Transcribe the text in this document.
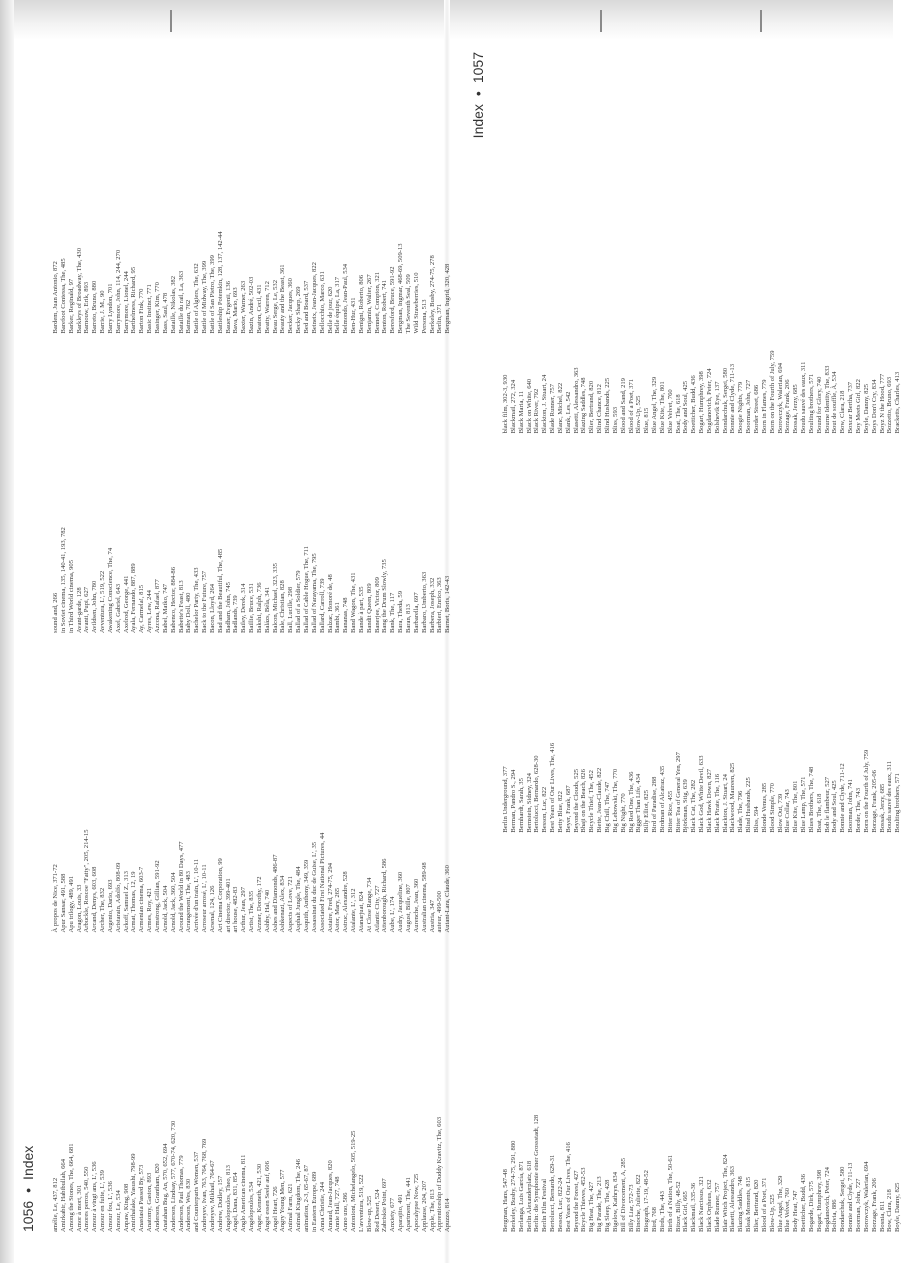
1056•Index
amélie, Le, 437, 812 Amirkabir, Habibullah, 664 Among the Stones, The, 664, 681 Amor à mort, 301 Amores perros, 540, 550 Amour à vingt ans, L', 536 Amour en fuite, L', 539 Amour fou, L', 536 Amour, Le, 534 Anpaw, King, 908 Amirthalake, Yasushi, 798-99 Anastasia Passed By, 573 Anatomy, Gaston, 893 Anderson, Grantham, 820 Anatahan Bug, An, 570, 652, 694 Anderson, Lindsay, 577, 670-74, 620, 730 Anderson, Paul Thomas, 779 Anderson, Wes, 830 and Counterparts Women, 537 Andreyev, Ivan, 763, 764, 768, 769 Andreyev, Mikhail, 764-67 Andrew, Dudley, 157 Angelopoulos, Theo, 813 Angel, Dana, 831, 854 Anglo American cinema, 811 Angelopoulos, 534 Anger, Kenneth, 421, 530 Angst essen Seele auf, 606 Angel Heart, 726 Angry Young Men, 577 Animal Farm, 621 Animal Kingdom, The, 246 animation, 2-3, 65-67, 87 in Eastern Europe, 689 Anna Christie, 244 Annaud, Jean-Jacques, 820 Annie Hall, 727, 748 Anno uno, 586 Antonioni, Michelangelo, 505, 519-25 L'avventura, 519, 522 Blow-up, 525 Red Desert, 524 Zabriskie Point, 697 Anxiety, 677 Aparajito, 491 Apartment, The, 441 Apocalypse Now, 725 Applause, 204, 207 Apple, The, 813 Apprenticeship of Duddy Kravitz, The, 603 Apuzzo, 814
À propos de Nice, 371-72 Apur Sansar, 491, 588 Apu trilogy, 489, 491 Aragon, Louis, 33 Arbuckle, Roscoe "Fatty", 205, 214-15 Arcand, Denys, 603, 608 Archer, The, 832 Argento, Dario, 693 Aristarain, Adolfo, 808-09 Arkoff, Samuel Z., 313 Armat, Thomas, 12, 19 Armenian cinema, 603-7 Armes, Roy, 421 Armstrong, Gillian, 591-92 Arnold, Jack, 504 Arnold, Jack, 360, 504 Around the World in 80 Days, 477 Arrangement, The, 483 Arrivée d'un train, L', 10-11 Arroseur arrosé, L', 10-11 Arsenal, 124, 126 Art Cinema Corporation, 99 art director, 399-401 art house, 482-83 Arthur, Jean, 297 Artist, The, 835 Arzner, Dorothy, 172 Ashby, Hal, 740 Ashes and Diamonds, 486-87 Ashkenazi, Alex, 834 Aspects of Love, 721 Asphalt Jungle, The, 484 Asquith, Anthony, 349, 359 Assassinat du duc de Guise, L', 35 Associated First National Pictures, 44 Astaire, Fred, 274-75, 294 Astor, Mary, 265 Astruc, Alexandre, 528 Atalante, L', 312 Atanarjuat, 824 At Close Range, 734 Atlantic City, 727 Attenborough, Richard, 586 Aube, L', 174 Audry, Jacqueline, 360 August, Bille, 807 Aurenche, Jean, 360 Australian cinema, 589-98 Austria, 347 auteur, 499-500 Autant-Lara, Claude, 360
sound and, 266 in Soviet cinema, 135, 140-41, 193, 782 in Third World cinema, 905 Avant-garde, 128 Avanti, Pupi, 627 Avildsen, John, 780 Avventura, L', 519, 522 Awakening Conscience, The, 74 Axel, Gabriel, 643 Axelrod, George, 441 Ayala, Fernando, 887, 889 Ay, Carmela!, 815 Ayres, Lew, 244 Azcona, Rafael, 877 Babel, Matko, 747 Babenco, Hector, 884-86 Babette's Feast, 813 Baby Doll, 480 Bachelor Party, The, 433 Back to the Future, 757 Bacon, Lloyd, 264 Bad and the Beautiful, The, 485 Badham, John, 745 Badlands, 739 Bailey, Derek, 314 Baillie, Bruce, 531 Bakshi, Ralph, 736 Balázs, Béla, 341 Balcon, Michael, 323, 335 Bale, Christian, 828 Ball, Lucille, 298 Ballad of a Soldier, 579 Ballad of Cable Hogue, The, 711 Ballad of Narayama, The, 795 Ballard, Carroll, 739 Balzac, Honoré de, 48 Bambi, 361 Bananas, 748 Band Wagon, The, 431 Bande à part, 535 Bandit Queen, 809 Banerjee, Victor, 809 Bang the Drum Slowly, 735 Bank, The, 117 Bara, Theda, 59 Baran, 813 Barbarella, 697 Barbaro, Umberto, 363 Barbera, Joseph, 332 Barbieri, Enrico, 363 Barnet, Boris, 142-43
Bardem, Juan Antonio, 872 Barefoot Contessa, The, 485 Barker, Reginald, 97 Barkleys of Broadway, The, 430 Barnouw, Erik, 893 Barreto, Bruno, 880 Barrie, J. M., 90 Barry Lyndon, 701 Barrymore, John, 114, 244, 270 Barrymore, Lionel, 244 Barthelmess, Richard, 95 Barton Fink, 770 Basic Instinct, 771 Basinger, Kim, 770 Bass, Saul, 478 Bataille, Nikolas, 382 Bataille du rail, La, 363 Batman, 762 Battle of Algiers, The, 632 Battle of Midway, The, 399 Battle of San Pietro, The, 399 Battleship Potemkin, 128, 137, 142-44 Bauer, Evgenii, 136 Bava, Mario, 693 Baxter, Warner, 263 Bazin, André, 502-03 Beaton, Cecil, 431 Beatty, Warren, 712 Beau Serge, Le, 532 Beauty and the Beast, 361 Becker, Jacques, 360 Becky Sharp, 269 Bed and Board, 537 Beineix, Jean-Jacques, 822 Bellocchio, Marco, 631 Belle de jour, 620 Belle équipe, La, 317 Belmondo, Jean-Paul, 534 Ben-Hur, 431 Benigni, Roberto, 806 Benjamin, Walter, 267 Bennett, Compton, 321 Benton, Robert, 741 Beresford, Bruce, 591-92 Bergman, Ingmar, 468-69, 509-13 The Seventh Seal, 509 Wild Strawberries, 510 Persona, 513 Berkeley, Busby, 274-75, 278 Berlin, 371 Bergman, Ingrid, 320, 428
Index•1057
Bergman, Hans, 547-48 Berkeley, Busby, 274-75, 291, 880 Berlanga, Luis García, 871 Berlin Alexanderplatz, 618 Berlin: die Symphonie einer Grossstadt, 128 Berlin Film Festival Bertolucci, Bernardo, 629-31 Besson, Luc, 822-24 Best Years of Our Lives, The, 416 Beyond the Forest, 427 Bicycle Thieves, 452-53 Big Heat, The, 427 Big Parade, The, 213 Big Sleep, The, 428 Bigelow, Kathryn, 834 Bill of Divorcement, A, 285 Billy Liar, 572-73 Binoche, Juliette, 822 Biograph, 17-19, 48-52 Bird, 768 Birds, The, 443 Birth of a Nation, The, 50-61 Bitzer, Billy, 48-52 Black Girl, 665 Blackmail, 335-36 Black Narcissus, 321 Black Orpheus, 632 Blade Runner, 757 Blair Witch Project, The, 824 Blasetti, Alessandro, 363 Blazing Saddles, 748 Bleak Moments, 815 Blier, Bertrand, 820 Blood of a Poet, 371 Blow-Up, 525 Blue Angel, The, 329 Blue Velvet, 760 Body Heat, 747 Boetticher, Budd, 436 Bogarde, Dirk, 575 Bogart, Humphrey, 398 Bogdanovich, Peter, 724 Bolivia, 886 Bondarchuk, Sergei, 580 Bonnie and Clyde, 711-13 Boorman, John, 727 Borowczyk, Walerian, 694 Borzage, Frank, 206 Bosnia, 811 Bow, Clara, 218 Boyle, Danny, 825
Berlin Underground, 377 Berman, Pandro S., 294 Bernhardt, Sarah, 35 Bernstein, Sidney, 324 Bertolucci, Bernardo, 628-30 Besson, Luc, 822 Best Years of Our Lives, The, 416 Betty Blue, 822 Beyer, Frank, 687 Beyond the Clouds, 525 Bhaji on the Beach, 826 Bicycle Thief, The, 452 Biette, Jean-Claude, 822 Big Chill, The, 747 Big Lebowski, The, 770 Big Night, 770 Big Red One, The, 436 Bigger Than Life, 434 Billy Elliot, 825 Bird of Paradise, 288 Birdman of Alcatraz, 435 Bitter Rice, 455 Bitter Tea of General Yen, 297 Björkman, Stig, 639 Black Cat, The, 282 Black God, White Devil, 633 Black Hawk Down, 827 Black Pirate, The, 116 Blackton, J. Stuart, 24 Blackwood, Maureen, 825 Blade, The, 796 Blind Husbands, 225 Bliss, 594 Blonde Venus, 285 Blood Simple, 770 Blow Out, 739 Blue Collar, 743 Blue Kite, The, 801 Blue Lamp, The, 571 Blues Brothers, The, 748 Boat, The, 618 Bob le flambeur, 527 Body and Soul, 425 Bonnie and Clyde, 711-12 Boorman, John, 741 Border, The, 743 Born on the Fourth of July, 759 Borzage, Frank, 205-06 Bossak, Jerzy, 685 Boudu sauvé des eaux, 311 Boulting brothers, 571
black film, 302-3, 930 Blackmail, 272, 324 Black Maria, 11 Black on White, 640 Black River, 792 Blackton, J. Stuart, 24 Blade Runner, 757 Blanc, Michel, 822 Blank, Les, 542 Blasetti, Alessandro, 363 Blazing Saddles, 748 Blier, Bertrand, 820 Blind Chance, 812 Blind Husbands, 225 Bliss, 593 Blood and Sand, 219 Blood of a Poet, 371 Blow-Up, 525 Blue, 815 Blue Angel, The, 329 Blue Kite, The, 801 Blue Velvet, 760 Boat, The, 618 Body and Soul, 425 Boetticher, Budd, 436 Bogart, Humphrey, 398 Bogdanovich, Peter, 724 Bolshevik Eye, 137 Bondarchuk, Sergei, 580 Bonnie and Clyde, 711-13 Boogie Nights, 779 Boorman, John, 727 Border Street, 686 Born in Flames, 779 Born on the Fourth of July, 759 Borowczyk, Walerian, 694 Borzage, Frank, 206 Bossak, Jerzy, 685 Boudu sauvé des eaux, 311 Boulting brothers, 571 Bound for Glory, 740 Bourne Identity, The, 833 Bout de souffle, À, 534 Bow, Clara, 218 Boxcar Bertha, 737 Boy Meets Girl, 822 Boyle, Danny, 825 Boys Don't Cry, 834 Boyz N the Hood, 777 Bozzetto, Bruno, 693 Bracketts, Charles, 413
